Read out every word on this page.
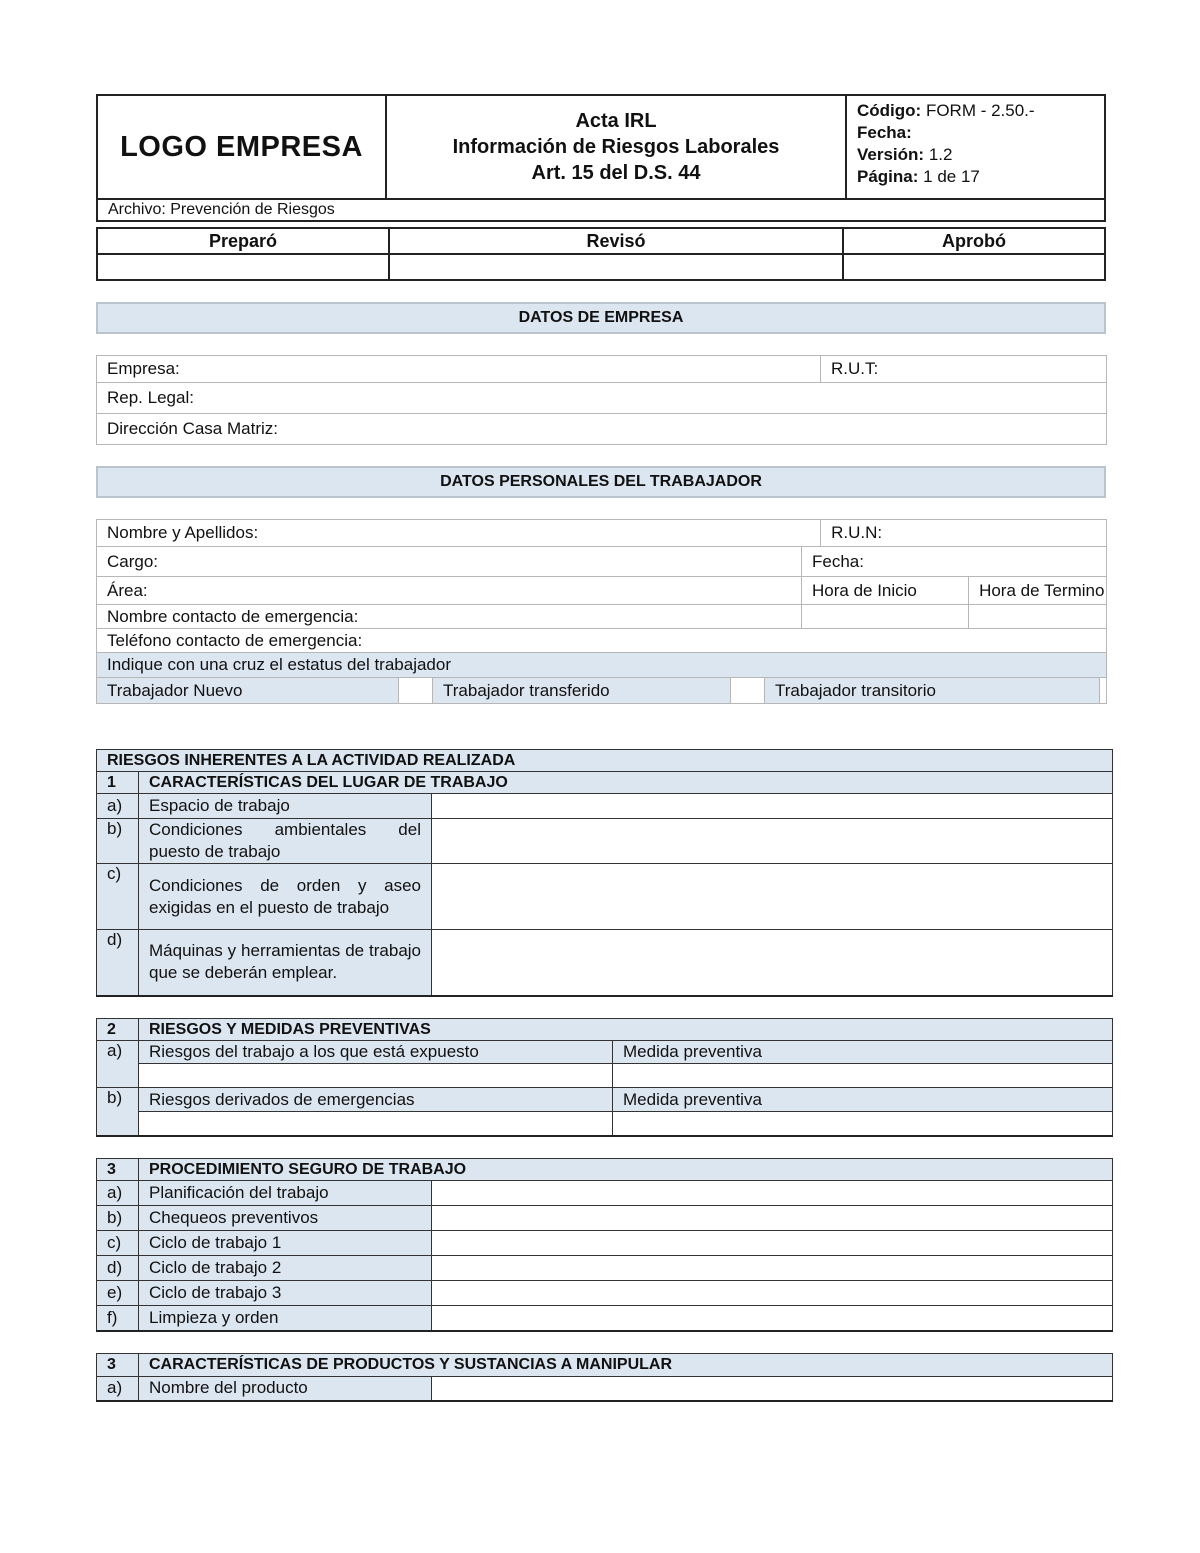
LOGO EMPRESA	
Acta IRL
Información de Riesgos Laborales
Art. 15 del D.S. 44

Código: FORM - 2.50.-
Fecha:
Versión: 1.2
Página: 1 de 17

Archivo: Prevención de Riesgos
Preparó	Revisó	Aprobó

DATOS DE EMPRESA
Empresa:	R.U.T:
Rep. Legal:
Dirección Casa Matriz:
DATOS PERSONALES DEL TRABAJADOR
Nombre y Apellidos:						R.U.N:		
Cargo:					Fecha:			
Área:					Hora de Inicio		Hora de Termino	
Nombre contacto de emergencia:								
Teléfono contacto de emergencia:								
Indique con una cruz el estatus del trabajador								
Trabajador Nuevo		Trabajador transferido		Trabajador transitorio				
RIESGOS INHERENTES A LA ACTIVIDAD REALIZADA		
1	CARACTERÍSTICAS DEL LUGAR DE TRABAJO	
a)	Espacio de trabajo	
b)	Condiciones ambientales del puesto de trabajo	
c)	Condiciones de orden y aseo exigidas en el puesto de trabajo	
d)	Máquinas y herramientas de trabajo que se deberán emplear.	
2	RIESGOS Y MEDIDAS PREVENTIVAS	
a)	Riesgos del trabajo a los que está expuesto	Medida preventiva

b)	Riesgos derivados de emergencias	Medida preventiva

3	PROCEDIMIENTO SEGURO DE TRABAJO	
a)	Planificación del trabajo	
b)	Chequeos preventivos	
c)	Ciclo de trabajo 1	
d)	Ciclo de trabajo 2	
e)	Ciclo de trabajo 3	
f)	Limpieza y orden	
3	CARACTERÍSTICAS DE PRODUCTOS Y SUSTANCIAS A MANIPULAR	
a)	Nombre del producto	
